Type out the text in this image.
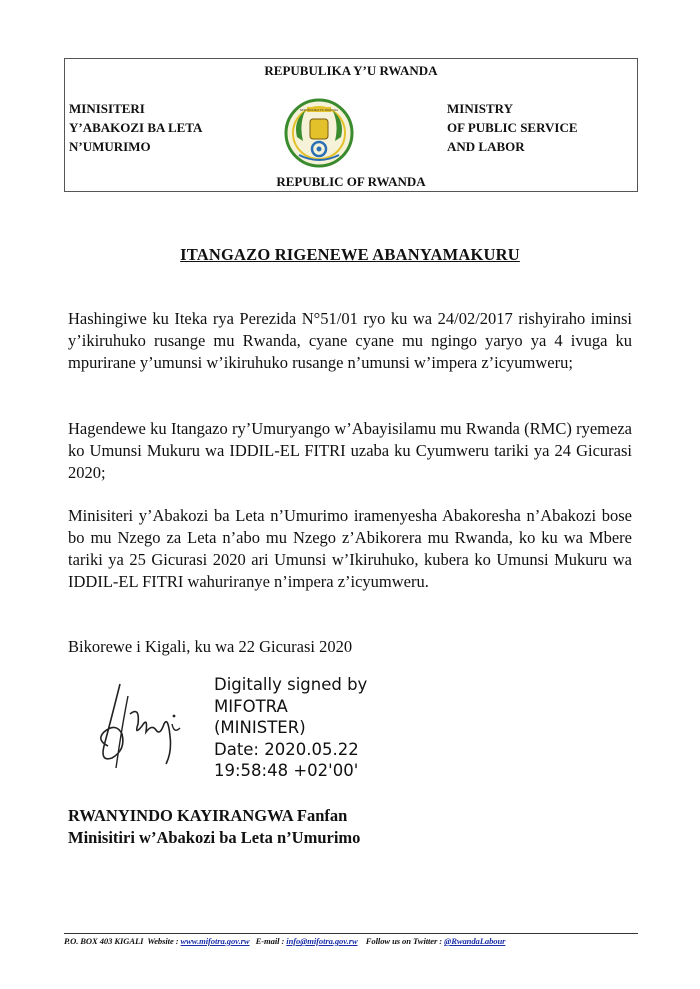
REPUBULIKA Y’U RWANDA
MINISITERI
Y’ABAKOZI BA LETA
N’UMURIMO
REPUBULIKA Y'U RWANDA	MINISTRY
OF PUBLIC SERVICE
AND LABOR
REPUBLIC OF RWANDA
ITANGAZO RIGENEWE ABANYAMAKURU
Hashingiwe ku Iteka rya Perezida N°51/01 ryo ku wa 24/02/2017 rishyiraho iminsi y’ikiruhuko rusange mu Rwanda, cyane cyane mu ngingo yaryo ya 4 ivuga ku mpurirane y’umunsi w’ikiruhuko rusange n’umunsi w’impera z’icyumweru;
Hagendewe ku Itangazo ry’Umuryango w’Abayisilamu mu Rwanda (RMC) ryemeza ko Umunsi Mukuru wa IDDIL-EL FITRI uzaba ku Cyumweru tariki ya 24 Gicurasi 2020;
Minisiteri y’Abakozi ba Leta n’Umurimo iramenyesha Abakoresha n’Abakozi bose bo mu Nzego za Leta n’abo mu Nzego z’Abikorera mu Rwanda, ko ku wa Mbere tariki ya 25 Gicurasi 2020 ari Umunsi w’Ikiruhuko, kubera ko Umunsi Mukuru wa IDDIL-EL FITRI wahuriranye n’impera z’icyumweru.
Bikorewe i Kigali, ku wa 22 Gicurasi 2020
Digitally signed by
MIFOTRA
(MINISTER)
Date: 2020.05.22
19:58:48 +02'00'
RWANYINDO KAYIRANGWA Fanfan
Minisitiri w’Abakozi ba Leta n’Umurimo
P.O. BOX 403 KIGALI Website : www.mifotra.gov.rw E-mail : info@mifotra.gov.rw Follow us on Twitter : @RwandaLabour
